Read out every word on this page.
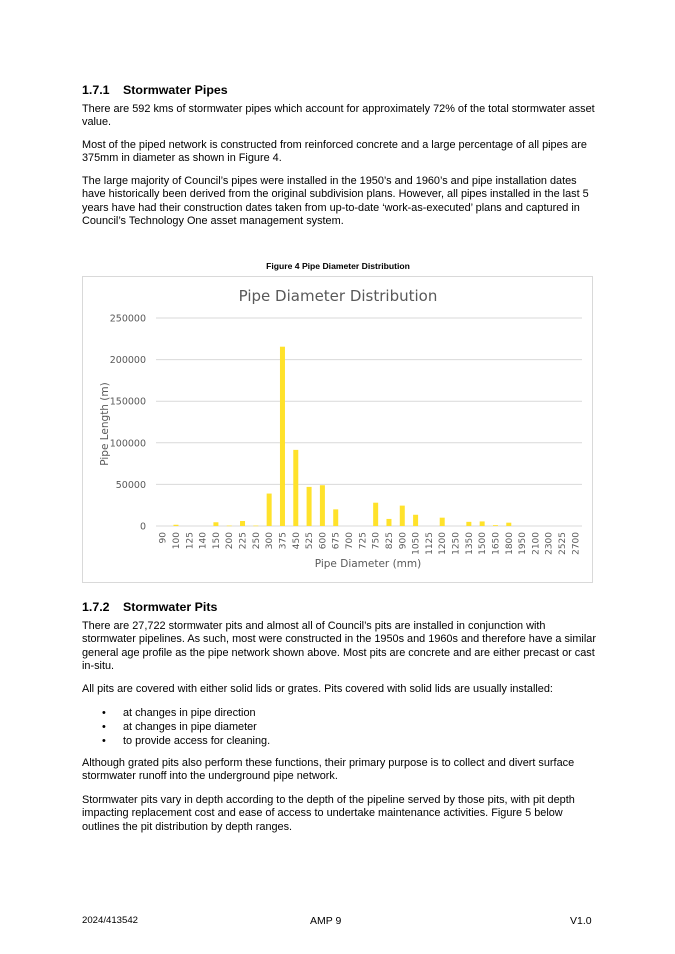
1.7.1 Stormwater Pipes
There are 592 kms of stormwater pipes which account for approximately 72% of the total stormwater asset value.
Most of the piped network is constructed from reinforced concrete and a large percentage of all pipes are 375mm in diameter as shown in Figure 4.
The large majority of Council’s pipes were installed in the 1950’s and 1960’s and pipe installation dates have historically been derived from the original subdivision plans. However, all pipes installed in the last 5 years have had their construction dates taken from up-to-date ‘work-as-executed’ plans and captured in Council’s Technology One asset management system.
Figure 4 Pipe Diameter Distribution
Pipe Diameter Distribution
0
50000
100000
150000
200000
250000
90 100 125 140 150 200 225 250 300 375 450 525 600 675 700 725 750 825 900 1050 1125 1200 1250 1350 1500 1650 1800 1950 2100 2300 2525 2700
Pipe Length (m)
Pipe Diameter (mm)
1.7.2 Stormwater Pits
There are 27,722 stormwater pits and almost all of Council’s pits are installed in conjunction with stormwater pipelines. As such, most were constructed in the 1950s and 1960s and therefore have a similar general age profile as the pipe network shown above. Most pits are concrete and are either precast or cast in-situ.
All pits are covered with either solid lids or grates. Pits covered with solid lids are usually installed:
• at changes in pipe direction
• at changes in pipe diameter
• to provide access for cleaning.
Although grated pits also perform these functions, their primary purpose is to collect and divert surface stormwater runoff into the underground pipe network.
Stormwater pits vary in depth according to the depth of the pipeline served by those pits, with pit depth impacting replacement cost and ease of access to undertake maintenance activities. Figure 5 below outlines the pit distribution by depth ranges.
2024/413542	AMP 9	V1.0
